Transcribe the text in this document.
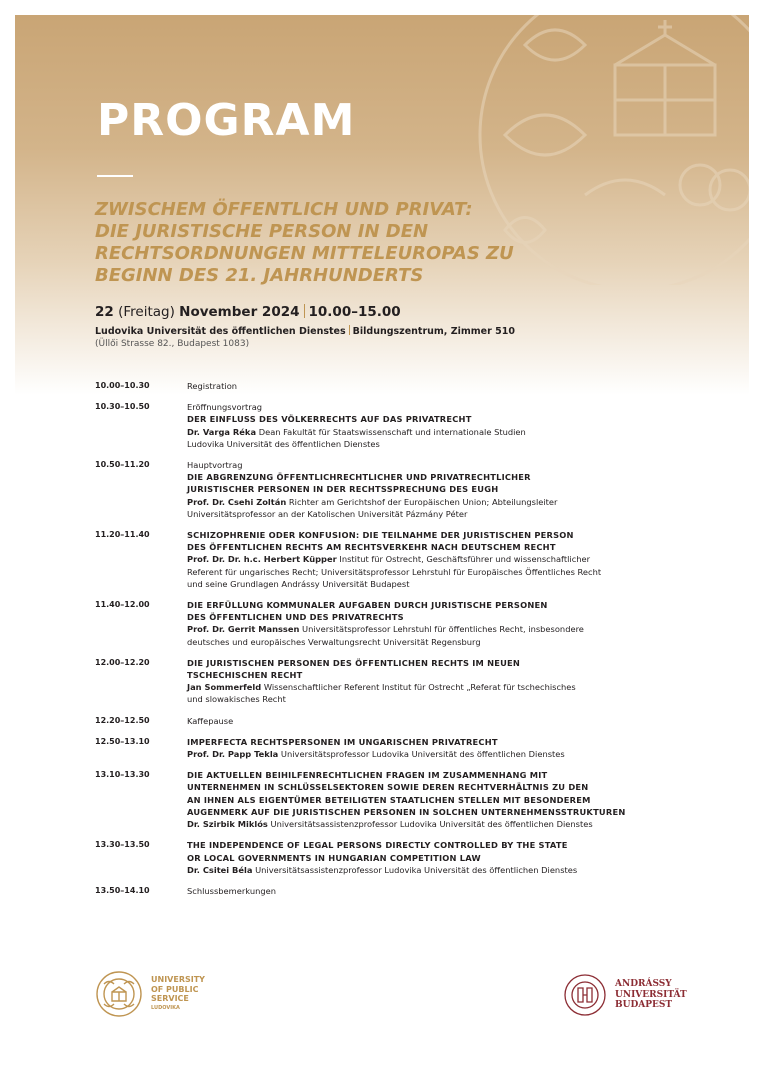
PROGRAM
ZWISCHEM ÖFFENTLICH UND PRIVAT:
DIE JURISTISCHE PERSON IN DEN
RECHTSORDNUNGEN MITTELEUROPAS ZU
BEGINN DES 21. JAHRHUNDERTS
22 (Freitag) November 2024 10.00–15.00
Ludovika Universität des öffentlichen Dienstes Bildungszentrum, Zimmer 510
(Üllői Strasse 82., Budapest 1083)
10.00–10.30	Registration
10.30–10.50	Eröffnungsvortrag
DER EINFLUSS DES VÖLKERRECHTS AUF DAS PRIVATRECHT
Dr. Varga Réka Dean Fakultät für Staatswissenschaft und internationale Studien
Ludovika Universität des öffentlichen Dienstes
10.50–11.20	Hauptvortrag
DIE ABGRENZUNG ÖFFENTLICHRECHTLICHER UND PRIVATRECHTLICHER
JURISTISCHER PERSONEN IN DER RECHTSSPRECHUNG DES EUGH
Prof. Dr. Csehi Zoltán Richter am Gerichtshof der Europäischen Union; Abteilungsleiter
Universitätsprofessor an der Katolischen Universität Pázmány Péter
11.20–11.40	SCHIZOPHRENIE ODER KONFUSION: DIE TEILNAHME DER JURISTISCHEN PERSON
DES ÖFFENTLICHEN RECHTS AM RECHTSVERKEHR NACH DEUTSCHEM RECHT
Prof. Dr. Dr. h.c. Herbert Küpper Institut für Ostrecht, Geschäftsführer und wissenschaftlicher
Referent für ungarisches Recht; Universitätsprofessor Lehrstuhl für Europäisches Öffentliches Recht
und seine Grundlagen Andrássy Universität Budapest
11.40–12.00	DIE ERFÜLLUNG KOMMUNALER AUFGABEN DURCH JURISTISCHE PERSONEN
DES ÖFFENTLICHEN UND DES PRIVATRECHTS
Prof. Dr. Gerrit Manssen Universitätsprofessor Lehrstuhl für öffentliches Recht, insbesondere
deutsches und europäisches Verwaltungsrecht Universität Regensburg
12.00–12.20	DIE JURISTISCHEN PERSONEN DES ÖFFENTLICHEN RECHTS IM NEUEN
TSCHECHISCHEN RECHT
Jan Sommerfeld Wissenschaftlicher Referent Institut für Ostrecht „Referat für tschechisches
und slowakisches Recht
12.20–12.50	Kaffepause
12.50–13.10	IMPERFECTA RECHTSPERSONEN IM UNGARISCHEN PRIVATRECHT
Prof. Dr. Papp Tekla Universitätsprofessor Ludovika Universität des öffentlichen Dienstes
13.10–13.30	DIE AKTUELLEN BEIHILFENRECHTLICHEN FRAGEN IM ZUSAMMENHANG MIT
UNTERNEHMEN IN SCHLÜSSELSEKTOREN SOWIE DEREN RECHTVERHÄLTNIS ZU DEN
AN IHNEN ALS EIGENTÜMER BETEILIGTEN STAATLICHEN STELLEN MIT BESONDEREM
AUGENMERK AUF DIE JURISTISCHEN PERSONEN IN SOLCHEN UNTERNEHMENSSTRUKTUREN
Dr. Szirbik Miklós Universitätsassistenzprofessor Ludovika Universität des öffentlichen Dienstes
13.30–13.50	THE INDEPENDENCE OF LEGAL PERSONS DIRECTLY CONTROLLED BY THE STATE
OR LOCAL GOVERNMENTS IN HUNGARIAN COMPETITION LAW
Dr. Csitei Béla Universitätsassistenzprofessor Ludovika Universität des öffentlichen Dienstes
13.50–14.10	Schlussbemerkungen
UNIVERSITY
OF PUBLIC
SERVICE
LUDOVIKA
ANDRÁSSY
UNIVERSITÄT
BUDAPEST
